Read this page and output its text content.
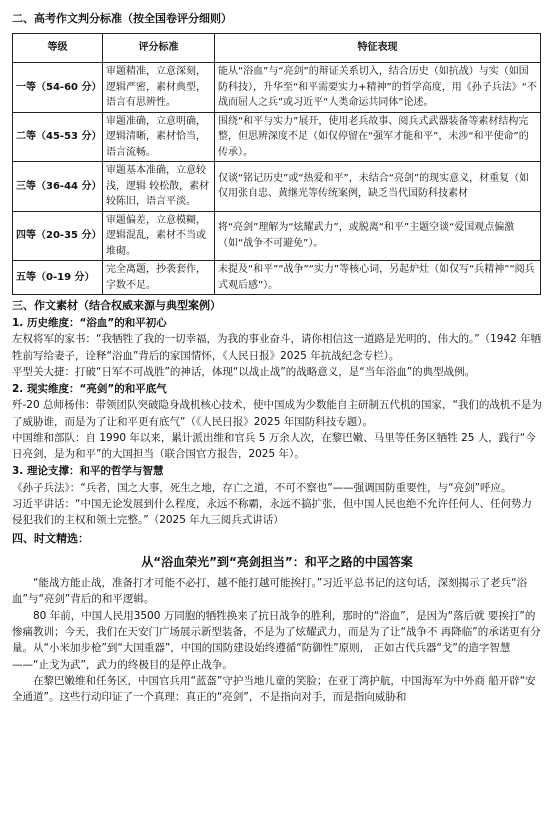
二、高考作文判分标准（按全国卷评分细则）
等级	评分标准	特征表现
一等（54-60 分）	审题精准，立意深刻，逻辑严密，素材典型，语言有思辨性。	能从“浴血”与“亮剑”的辩证关系切入，结合历史（如抗战）与实（如国防科技），升华至“和平需要实力+精神”的哲学高度，用《孙子兵法》“不战而屈人之兵”或习近平“人类命运共同体”论述。
二等（45-53 分）	审题准确，立意明确，逻辑清晰，素材恰当，语言流畅。	围绕“和平与实力”展开，使用老兵故事、阅兵式武器装备等素材结构完整，但思辨深度不足（如仅停留在“强军才能和平”，未涉“和平使命”的传承）。
三等（36-44 分）	审题基本准确，立意较浅，逻辑 较松散，素材较陈旧，语言平淡。	仅谈“铭记历史”或“热爱和平”，未结合“亮剑”的现实意义，材重复（如仅用张自忠、黄继光等传统案例，缺乏当代国防科技素材
四等（20-35 分）	审题偏差，立意模糊，逻辑混乱，素材不当或堆砌。	将“亮剑”理解为“炫耀武力”，或脱离“和平”主题空谈“爱国观点偏激（如“战争不可避免”）。
五等（0-19 分）	完全离题，抄袭套作，字数不足。	未提及“和平”“战争”“实力”等核心词，另起炉灶（如仅写“兵精神”“阅兵式观后感”）。
三、作文素材（结合权威来源与典型案例）
1. 历史维度：“浴血”的和平初心

左权将军的家书：“我牺牲了我的一切幸福，为我的事业奋斗，请你相信这一道路是光明的、伟大的。”（1942 年牺牲前写给妻子，诠释“浴血”背后的家国情怀，《人民日报》2025 年抗战纪念专栏）。

平型关大捷：打破“日军不可战胜”的神话，体现“以战止战”的战略意义，是“当年浴血”的典型战例。

2. 现实维度：“亮剑”的和平底气

歼-20 总师杨伟：带领团队突破隐身战机核心技术，使中国成为少数能自主研制五代机的国家，“我们的战机不是为了威胁谁，而是为了让和平更有底气”（《人民日报》2025 年国防科技专题）。

中国维和部队：自 1990 年以来，累计派出维和官兵 5 万余人次，在黎巴嫩、马里等任务区牺牲 25 人，践行“今日亮剑，是为和平”的大国担当（联合国官方报告，2025 年）。

3. 理论支撑：和平的哲学与智慧

《孙子兵法》：“兵者，国之大事，死生之地，存亡之道，不可不察也”——强调国防重要性，与“亮剑”呼应。

习近平讲话：“中国无论发展到什么程度，永远不称霸，永远不搞扩张，但中国人民也绝不允许任何人、任何势力侵犯我们的主权和领土完整。”（2025 年九三阅兵式讲话）

四、时文精选：
从“浴血荣光”到“亮剑担当”：和平之路的中国答案

“能战方能止战，准备打才可能不必打，越不能打越可能挨打。”习近平总书记的这句话，深刻揭示了老兵“浴血”与“亮剑”背后的和平逻辑。

80 年前，中国人民用3500 万同胞的牺牲换来了抗日战争的胜利，那时的“浴血”，是因为“落后就 要挨打”的惨痛教训；今天，我们在天安门广场展示新型装备，不是为了炫耀武力，而是为了让“战争不 再降临”的承诺更有分量。从“小米加步枪”到“大国重器”，中国的国防建设始终遵循“防御性”原则， 正如古代兵器“戈”的造字智慧——“止戈为武”，武力的终极目的是停止战争。

在黎巴嫩维和任务区，中国官兵用“蓝盔”守护当地儿童的笑脸；在亚丁湾护航，中国海军为中外商 船开辟“安全通道”。这些行动印证了一个真理：真正的“亮剑”，不是指向对手，而是指向威胁和
